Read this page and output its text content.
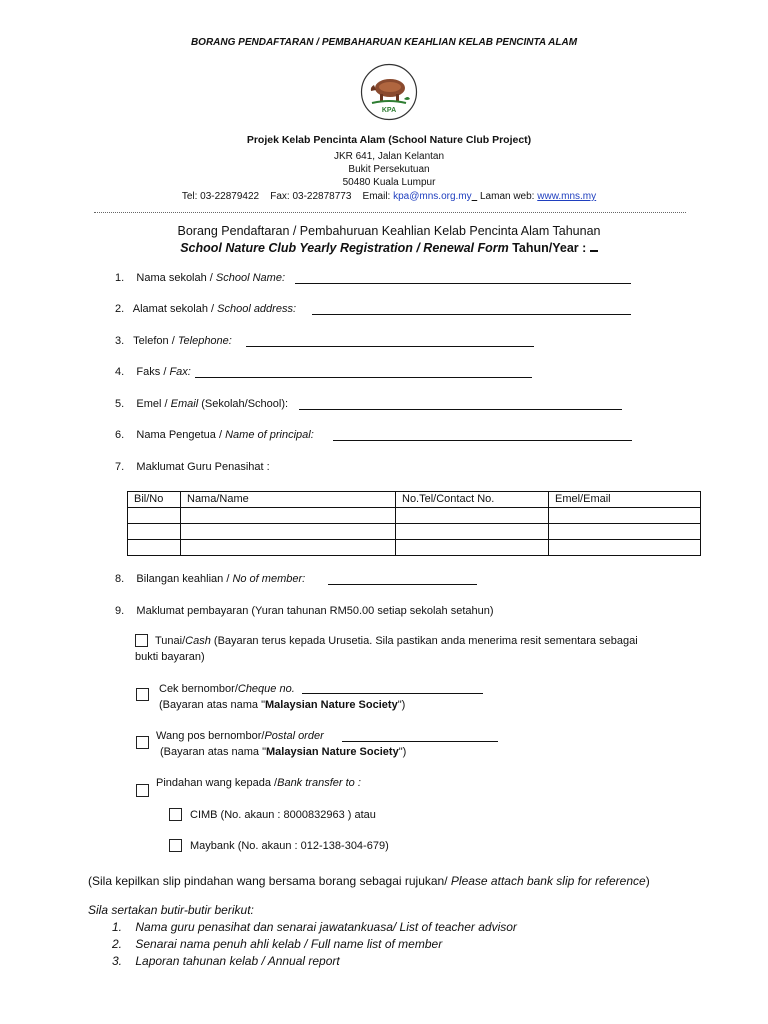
BORANG PENDAFTARAN / PEMBAHARUAN KEAHLIAN KELAB PENCINTA ALAM
KPA
Projek Kelab Pencinta Alam (School Nature Club Project)
JKR 641, Jalan Kelantan
Bukit Persekutuan
50480 Kuala Lumpur
Tel: 03-22879422 Fax: 03-22878773 Email: kpa@mns.org.my Laman web: www.mns.my
Borang Pendaftaran / Pembahuruan Keahlian Kelab Pencinta Alam Tahunan
School Nature Club Yearly Registration / Renewal Form Tahun/Year :
1. Nama sekolah / School Name:
2. Alamat sekolah / School address:
3. Telefon / Telephone:
4. Faks / Fax:
5. Emel / Email (Sekolah/School):
6. Nama Pengetua / Name of principal:
7. Maklumat Guru Penasihat :
Bil/No	Nama/Name	No.Tel/Contact No.	Emel/Email

8. Bilangan keahlian / No of member:
9. Maklumat pembayaran (Yuran tahunan RM50.00 setiap sekolah setahun)
Tunai/Cash (Bayaran terus kepada Urusetia. Sila pastikan anda menerima resit sementara sebagai
bukti bayaran)
Cek bernombor/Cheque no.
(Bayaran atas nama "Malaysian Nature Society")
Wang pos bernombor/Postal order
(Bayaran atas nama "Malaysian Nature Society")
Pindahan wang kepada /Bank transfer to :
CIMB (No. akaun : 8000832963 ) atau
Maybank (No. akaun : 012-138-304-679)
(Sila kepilkan slip pindahan wang bersama borang sebagai rujukan/ Please attach bank slip for reference)
Sila sertakan butir-butir berikut:
1. Nama guru penasihat dan senarai jawatankuasa/ List of teacher advisor
2. Senarai nama penuh ahli kelab / Full name list of member
3. Laporan tahunan kelab / Annual report
